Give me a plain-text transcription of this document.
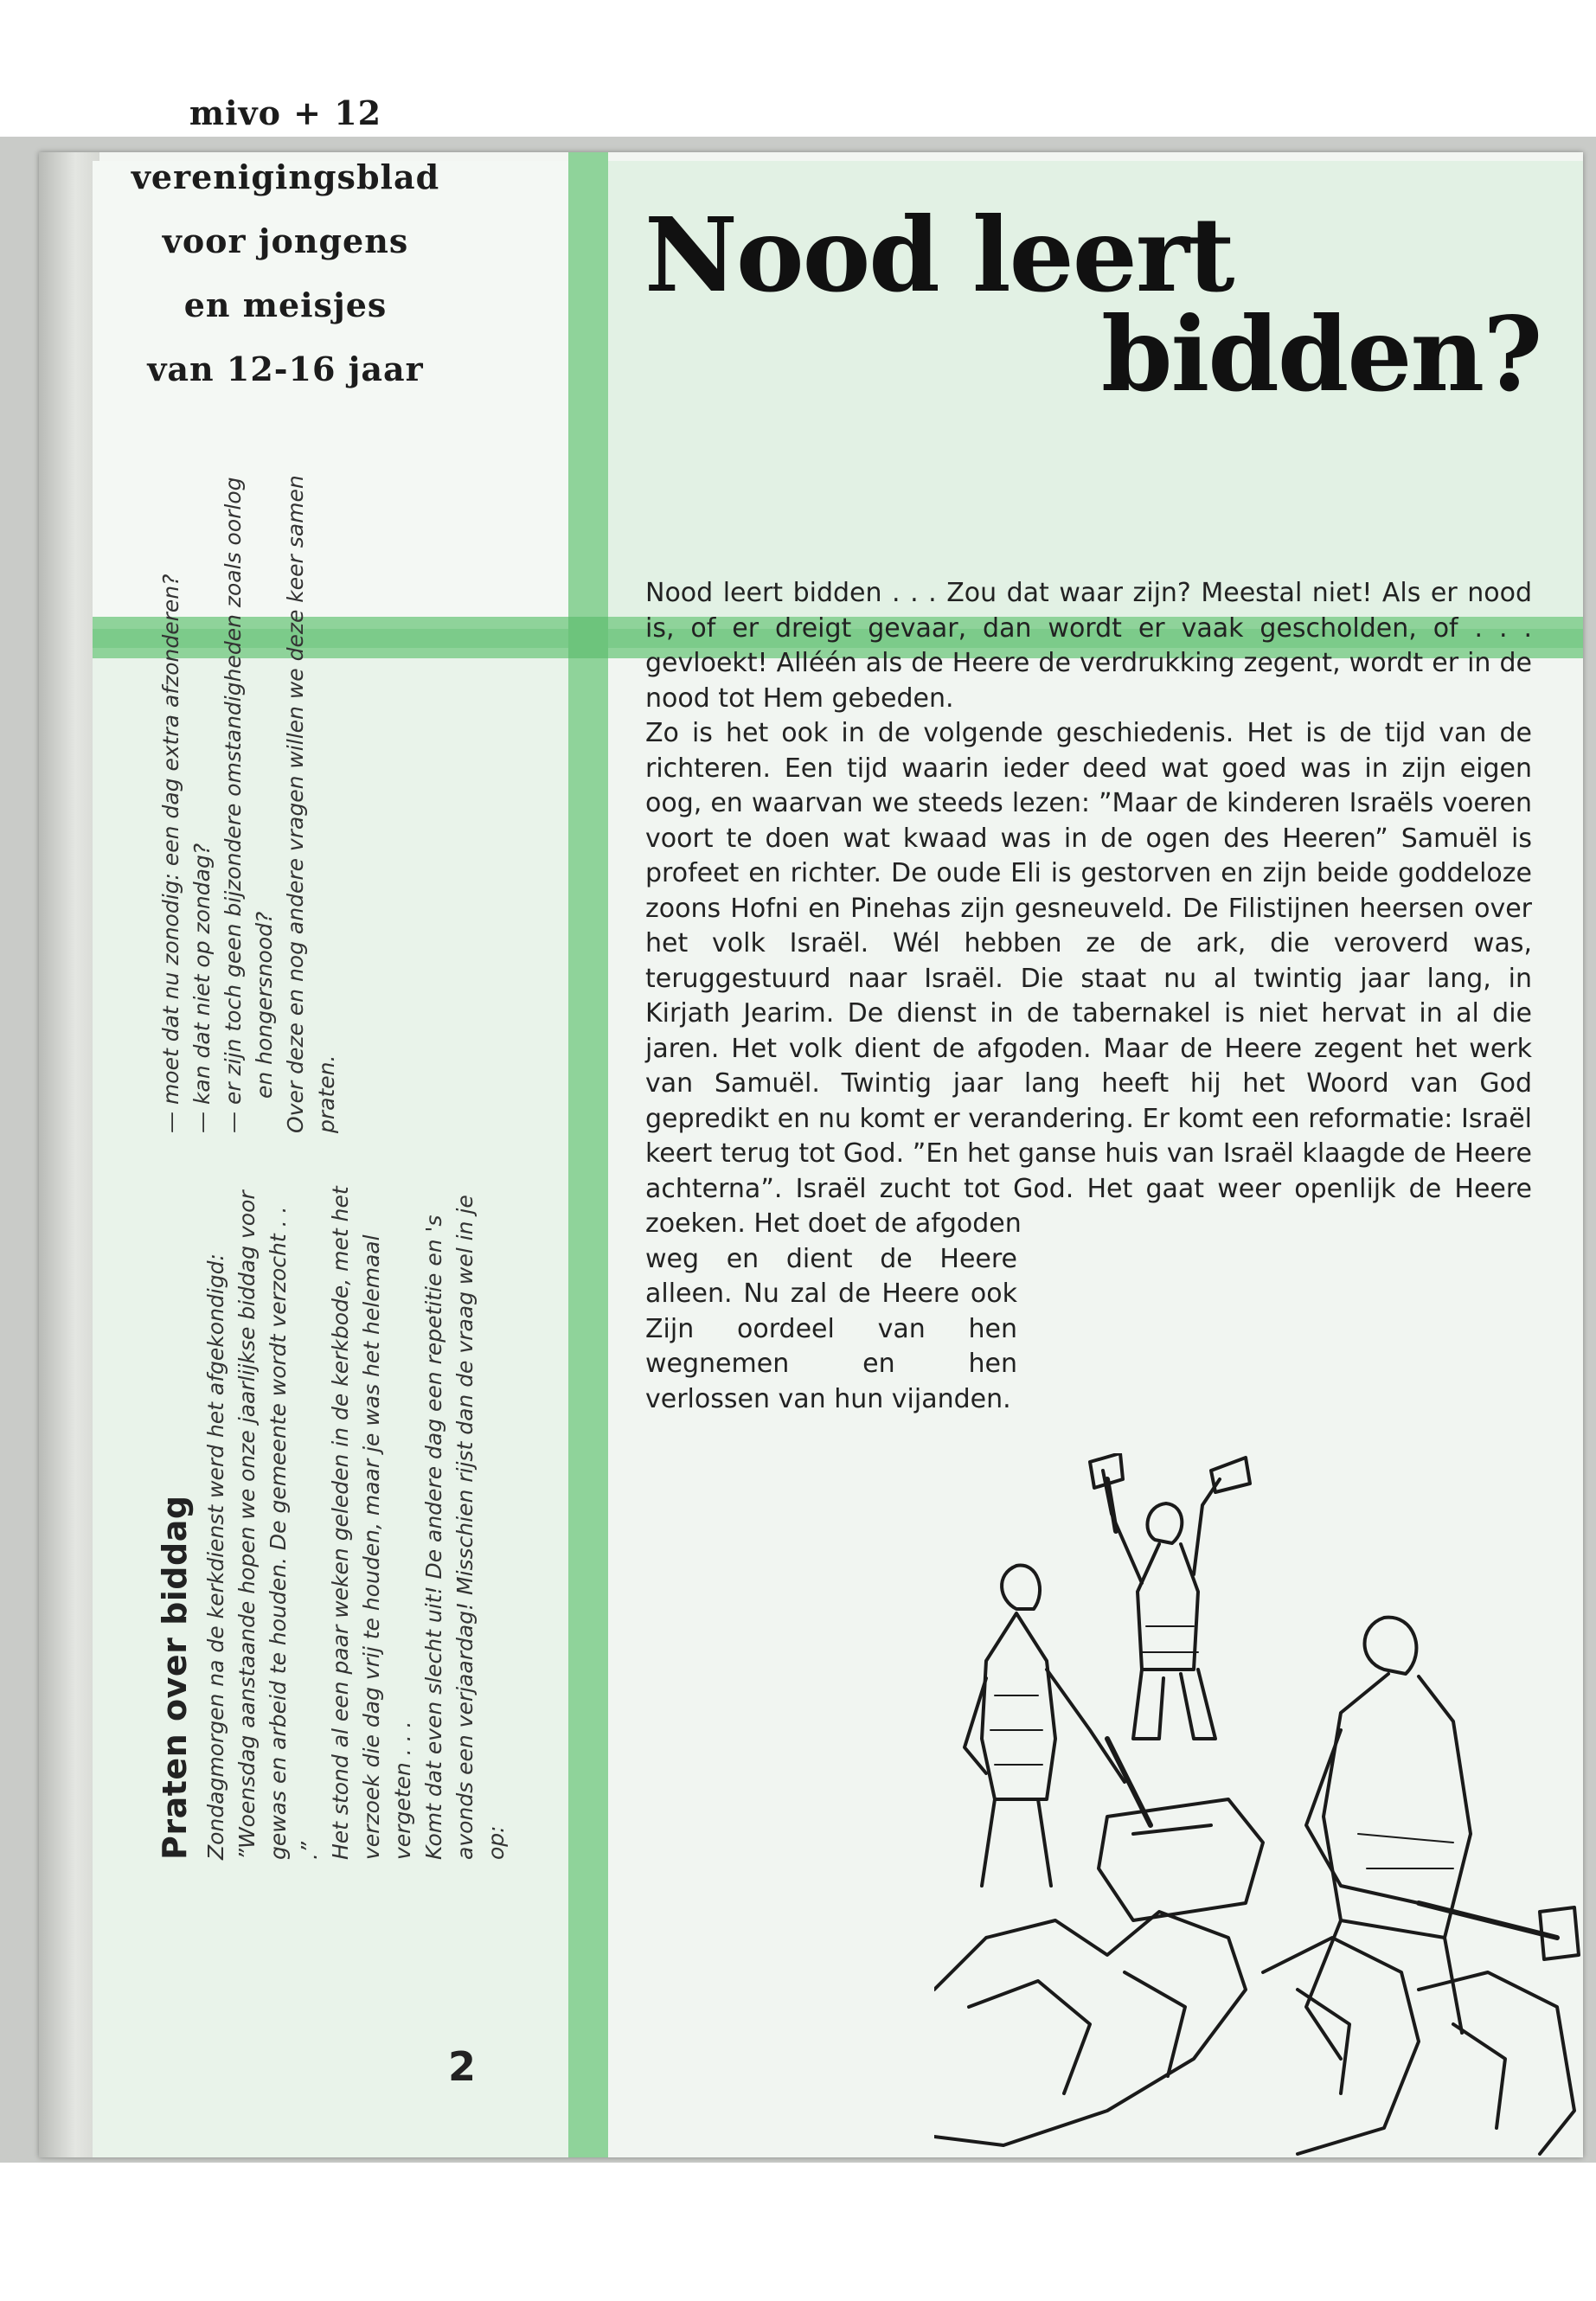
mivo + 12
verenigingsblad
voor jongens
en meisjes
van 12-16 jaar
Nood leert
bidden?

Nood leert bidden . . . Zou dat waar zijn? Meestal niet! Als er nood is, of er dreigt gevaar, dan wordt er vaak gescholden, of . . . gevloekt! Alléén als de Heere de verdrukking zegent, wordt er in de nood tot Hem gebeden.

Zo is het ook in de volgende geschiedenis. Het is de tijd van de richteren. Een tijd waarin ieder deed wat goed was in zijn eigen oog, en waarvan we steeds lezen: ”Maar de kinderen Israëls voeren voort te doen wat kwaad was in de ogen des Heeren” Samuël is profeet en richter. De oude Eli is gestorven en zijn beide goddeloze zoons Hofni en Pinehas zijn gesneuveld. De Filistijnen heersen over het volk Israël. Wél hebben ze de ark, die veroverd was, teruggestuurd naar Israël. Die staat nu al twintig jaar lang, in Kirjath Jearim. De dienst in de tabernakel is niet hervat in al die jaren. Het volk dient de afgoden. Maar de Heere zegent het werk van Samuël. Twintig jaar lang heeft hij het Woord van God gepredikt en nu komt er verandering. Er komt een reformatie: Israël keert terug tot God. ”En het ganse huis van Israël klaagde de Heere achterna”. Israël zucht tot God. Het gaat weer openlijk de Heere zoeken. Het doet de afgoden

weg en dient de Heere alleen. Nu zal de Heere ook Zijn oordeel van hen wegnemen en hen verlossen van hun vijanden.

Praten over biddag Zondagmorgen na de kerkdienst werd het afgekondigd: ”Woensdag aanstaande hopen we onze jaarlijkse biddag voor gewas en arbeid te houden. De gemeente wordt verzocht . . .” Het stond al een paar weken geleden in de kerkbode, met het verzoek die dag vrij te houden, maar je was het helemaal vergeten . . . Komt dat even slecht uit! De andere dag een repetitie en 's avonds een verjaardag! Misschien rijst dan de vraag wel in je op:

— moet dat nu zonodig: een dag extra afzonderen? — kan dat niet op zondag? — er zijn toch geen bijzondere omstandigheden zoals oorlog en hongersnood? Over deze en nog andere vragen willen we deze keer samen praten.

2
